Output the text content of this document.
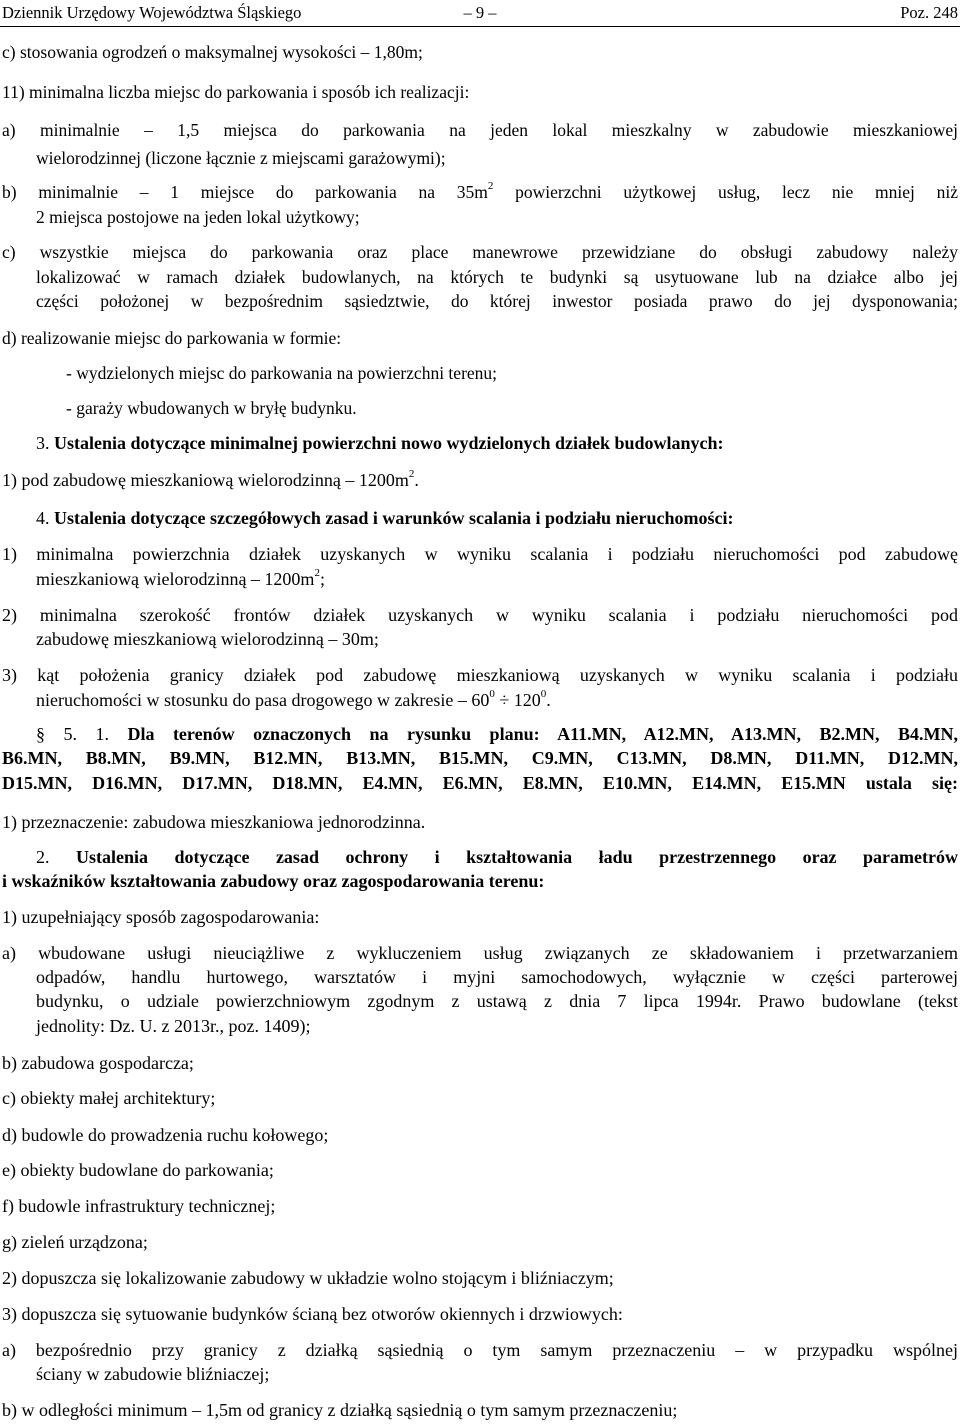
Dziennik Urzędowy Województwa Śląskiego	– 9 –	Poz. 248
c) stosowania ogrodzeń o maksymalnej wysokości – 1,80m;
11) minimalna liczba miejsc do parkowania i sposób ich realizacji:
a) minimalnie – 1,5 miejsca do parkowania na jeden lokal mieszkalny w zabudowie mieszkaniowej
wielorodzinnej (liczone łącznie z miejscami garażowymi);
b) minimalnie – 1 miejsce do parkowania na $35m^2$ powierzchni użytkowej usług, lecz nie mniej niż
2 miejsca postojowe na jeden lokal użytkowy;
c) wszystkie miejsca do parkowania oraz place manewrowe przewidziane do obsługi zabudowy należy
lokalizować w ramach działek budowlanych, na których te budynki są usytuowane lub na działce albo jej
części położonej w bezpośrednim sąsiedztwie, do której inwestor posiada prawo do jej dysponowania;
d) realizowanie miejsc do parkowania w formie:
- wydzielonych miejsc do parkowania na powierzchni terenu;
- garaży wbudowanych w bryłę budynku.
3. Ustalenia dotyczące minimalnej powierzchni nowo wydzielonych działek budowlanych:
1) pod zabudowę mieszkaniową wielorodzinną – $1200m^2$.
4. Ustalenia dotyczące szczegółowych zasad i warunków scalania i podziału nieruchomości:
1) minimalna powierzchnia działek uzyskanych w wyniku scalania i podziału nieruchomości pod zabudowę
mieszkaniową wielorodzinną – $1200m^2$;
2) minimalna szerokość frontów działek uzyskanych w wyniku scalania i podziału nieruchomości pod
zabudowę mieszkaniową wielorodzinną – 30m;
3) kąt położenia granicy działek pod zabudowę mieszkaniową uzyskanych w wyniku scalania i podziału
nieruchomości w stosunku do pasa drogowego w zakresie – $60^0 \div 120^0$.
§ 5. 1. Dla terenów oznaczonych na rysunku planu: A11.MN, A12.MN, A13.MN, B2.MN, B4.MN,
B6.MN, B8.MN, B9.MN, B12.MN, B13.MN, B15.MN, C9.MN, C13.MN, D8.MN, D11.MN, D12.MN,
D15.MN, D16.MN, D17.MN, D18.MN, E4.MN, E6.MN, E8.MN, E10.MN, E14.MN, E15.MN ustala się:
1) przeznaczenie: zabudowa mieszkaniowa jednorodzinna.
2. Ustalenia dotyczące zasad ochrony i kształtowania ładu przestrzennego oraz parametrów
i wskaźników kształtowania zabudowy oraz zagospodarowania terenu:
1) uzupełniający sposób zagospodarowania:
a) wbudowane usługi nieuciążliwe z wykluczeniem usług związanych ze składowaniem i przetwarzaniem
odpadów, handlu hurtowego, warsztatów i myjni samochodowych, wyłącznie w części parterowej
budynku, o udziale powierzchniowym zgodnym z ustawą z dnia 7 lipca 1994r. Prawo budowlane (tekst
jednolity: Dz. U. z 2013r., poz. 1409);
b) zabudowa gospodarcza;
c) obiekty małej architektury;
d) budowle do prowadzenia ruchu kołowego;
e) obiekty budowlane do parkowania;
f) budowle infrastruktury technicznej;
g) zieleń urządzona;
2) dopuszcza się lokalizowanie zabudowy w układzie wolno stojącym i bliźniaczym;
3) dopuszcza się sytuowanie budynków ścianą bez otworów okiennych i drzwiowych:
a) bezpośrednio przy granicy z działką sąsiednią o tym samym przeznaczeniu – w przypadku wspólnej
ściany w zabudowie bliźniaczej;
b) w odległości minimum – 1,5m od granicy z działką sąsiednią o tym samym przeznaczeniu;
